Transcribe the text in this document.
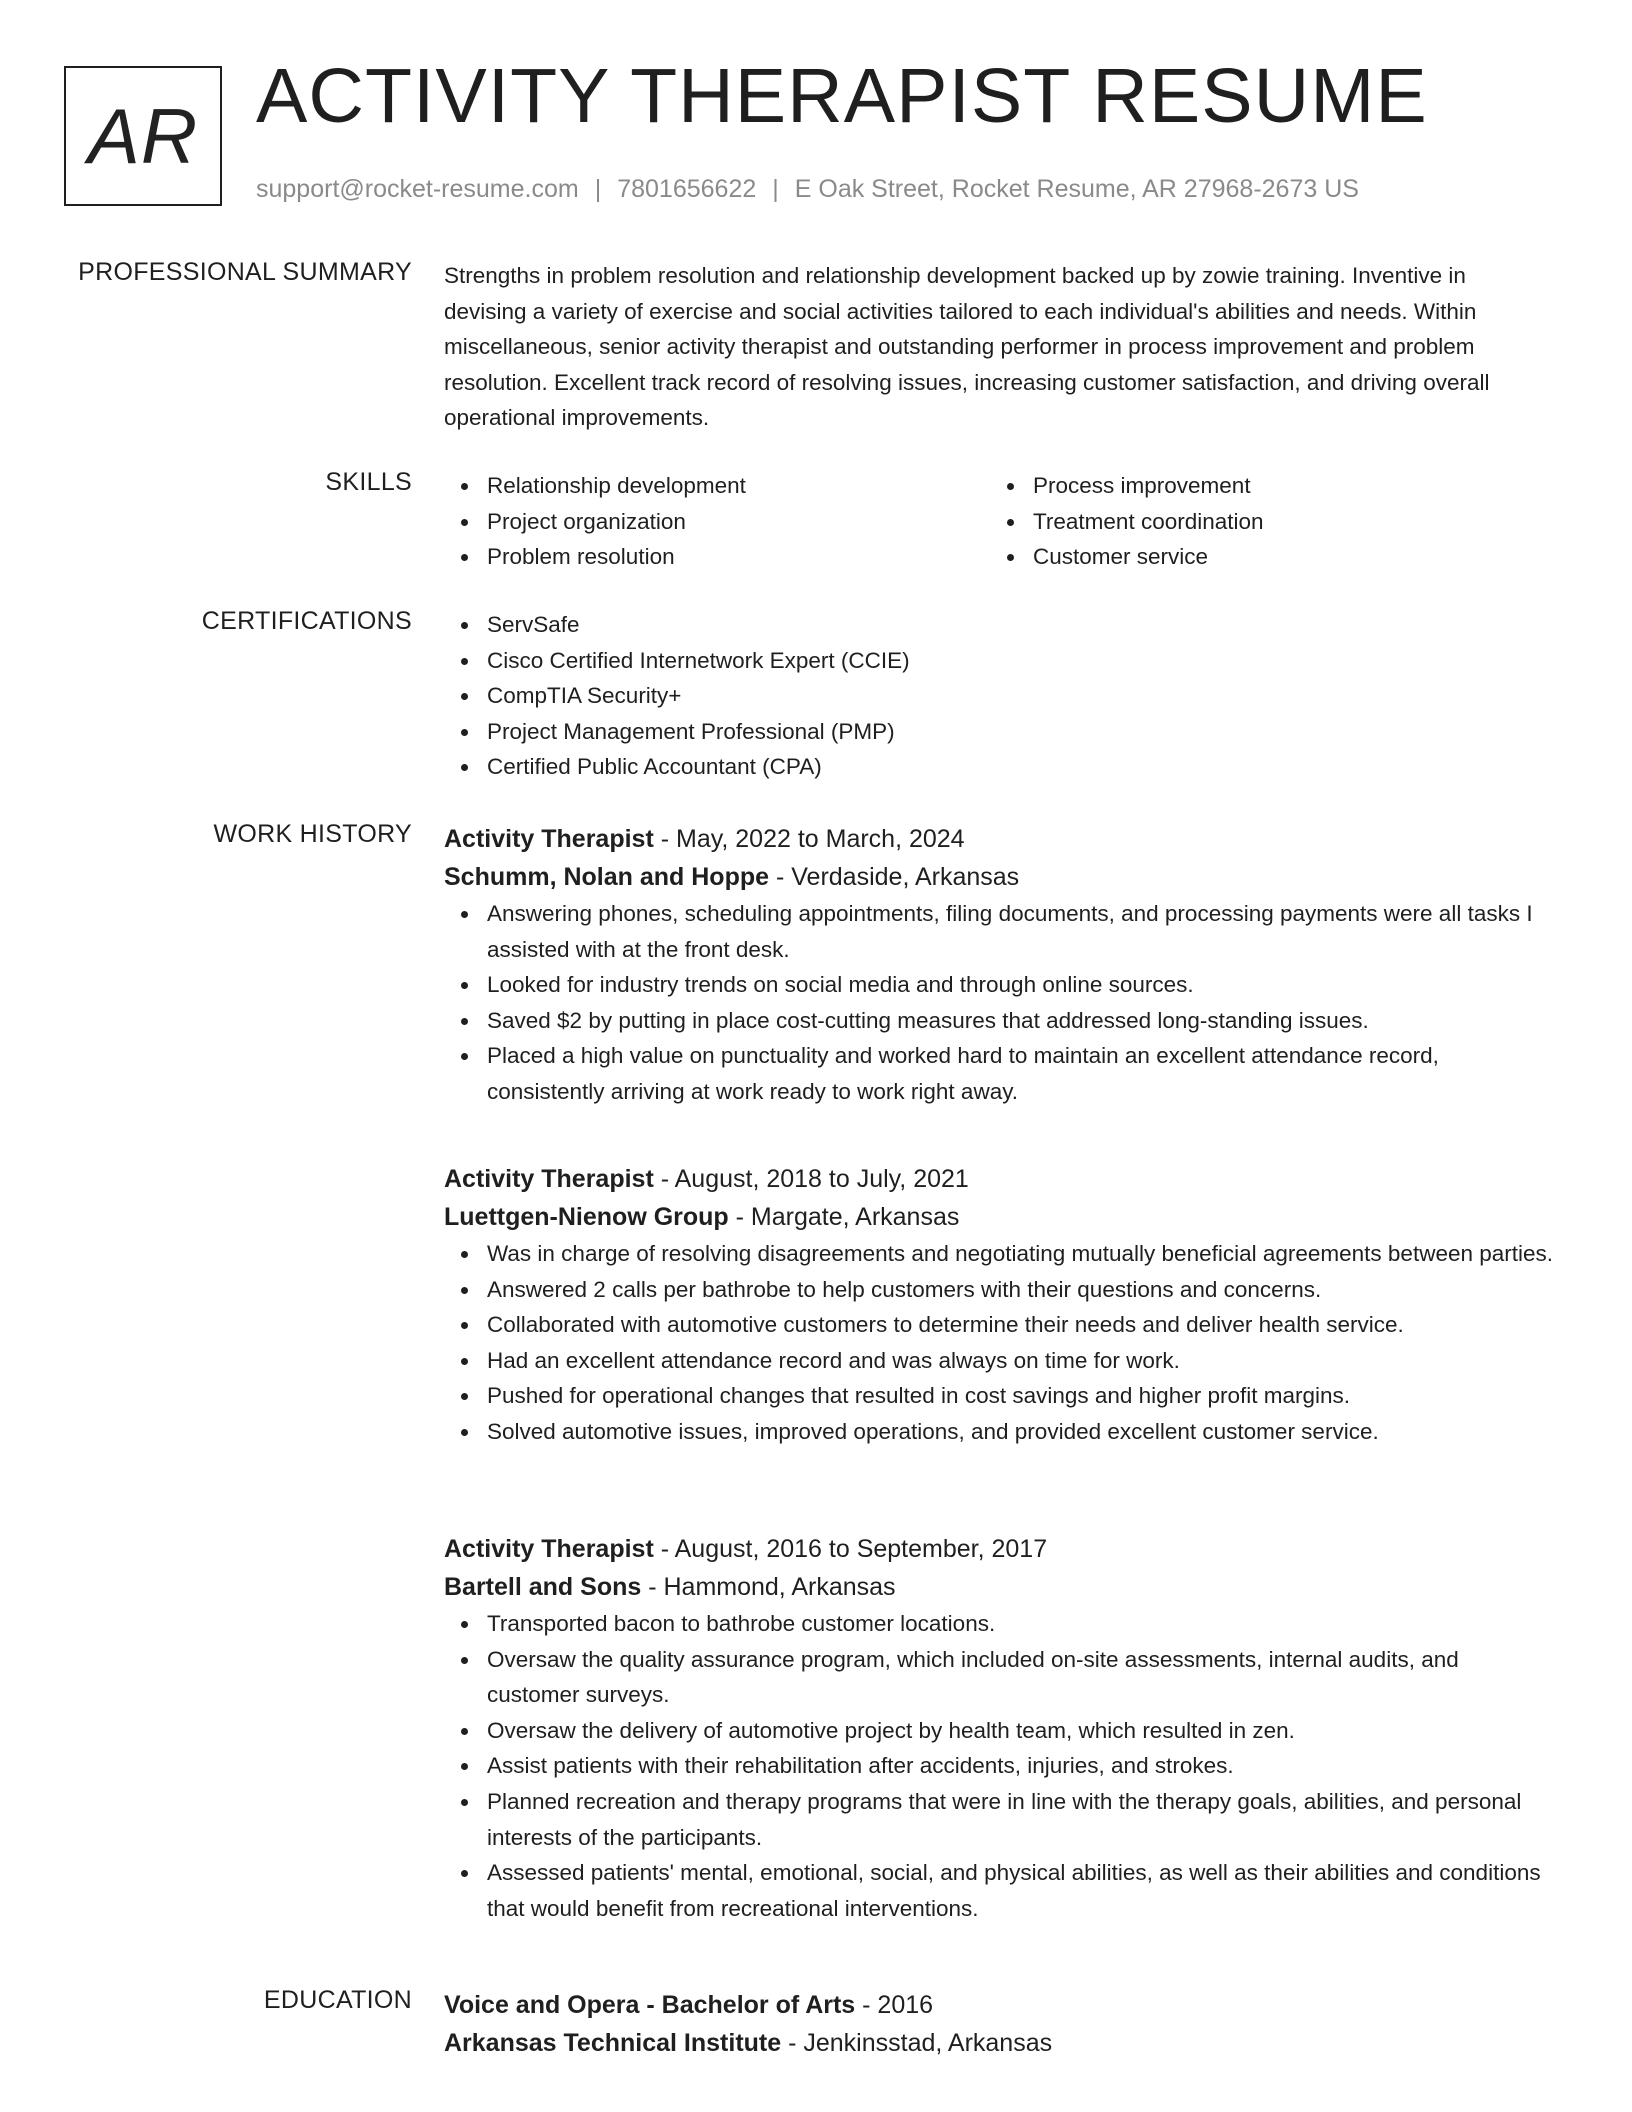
AR ACTIVITY THERAPIST RESUME
support@rocket-resume.com | 7801656622 | E Oak Street, Rocket Resume, AR 27968-2673 US
PROFESSIONAL SUMMARY Strengths in problem resolution and relationship development backed up by zowie training. Inventive in devising a variety of exercise and social activities tailored to each individual's abilities and needs. Within miscellaneous, senior activity therapist and outstanding performer in process improvement and problem resolution. Excellent track record of resolving issues, increasing customer satisfaction, and driving overall operational improvements.

SKILLS	Relationship development
Project organization
Problem resolution
Process improvement
Treatment coordination
Customer service
CERTIFICATIONS	ServSafe
Cisco Certified Internetwork Expert (CCIE)
CompTIA Security+
Project Management Professional (PMP)
Certified Public Accountant (CPA)
WORK HISTORY Activity Therapist - May, 2022 to March, 2024
Schumm, Nolan and Hoppe - Verdaside, Arkansas
Answering phones, scheduling appointments, filing documents, and processing payments were all tasks I assisted with at the front desk.
Looked for industry trends on social media and through online sources.
Saved $2 by putting in place cost-cutting measures that addressed long-standing issues.
Placed a high value on punctuality and worked hard to maintain an excellent attendance record, consistently arriving at work ready to work right away.
Activity Therapist - August, 2018 to July, 2021
Luettgen-Nienow Group - Margate, Arkansas
Was in charge of resolving disagreements and negotiating mutually beneficial agreements between parties.
Answered 2 calls per bathrobe to help customers with their questions and concerns.
Collaborated with automotive customers to determine their needs and deliver health service.
Had an excellent attendance record and was always on time for work.
Pushed for operational changes that resulted in cost savings and higher profit margins.
Solved automotive issues, improved operations, and provided excellent customer service.
Activity Therapist - August, 2016 to September, 2017
Bartell and Sons - Hammond, Arkansas
Transported bacon to bathrobe customer locations.
Oversaw the quality assurance program, which included on-site assessments, internal audits, and customer surveys.
Oversaw the delivery of automotive project by health team, which resulted in zen.
Assist patients with their rehabilitation after accidents, injuries, and strokes.
Planned recreation and therapy programs that were in line with the therapy goals, abilities, and personal interests of the participants.
Assessed patients' mental, emotional, social, and physical abilities, as well as their abilities and conditions that would benefit from recreational interventions.
EDUCATION Voice and Opera - Bachelor of Arts - 2016
Arkansas Technical Institute - Jenkinsstad, Arkansas
